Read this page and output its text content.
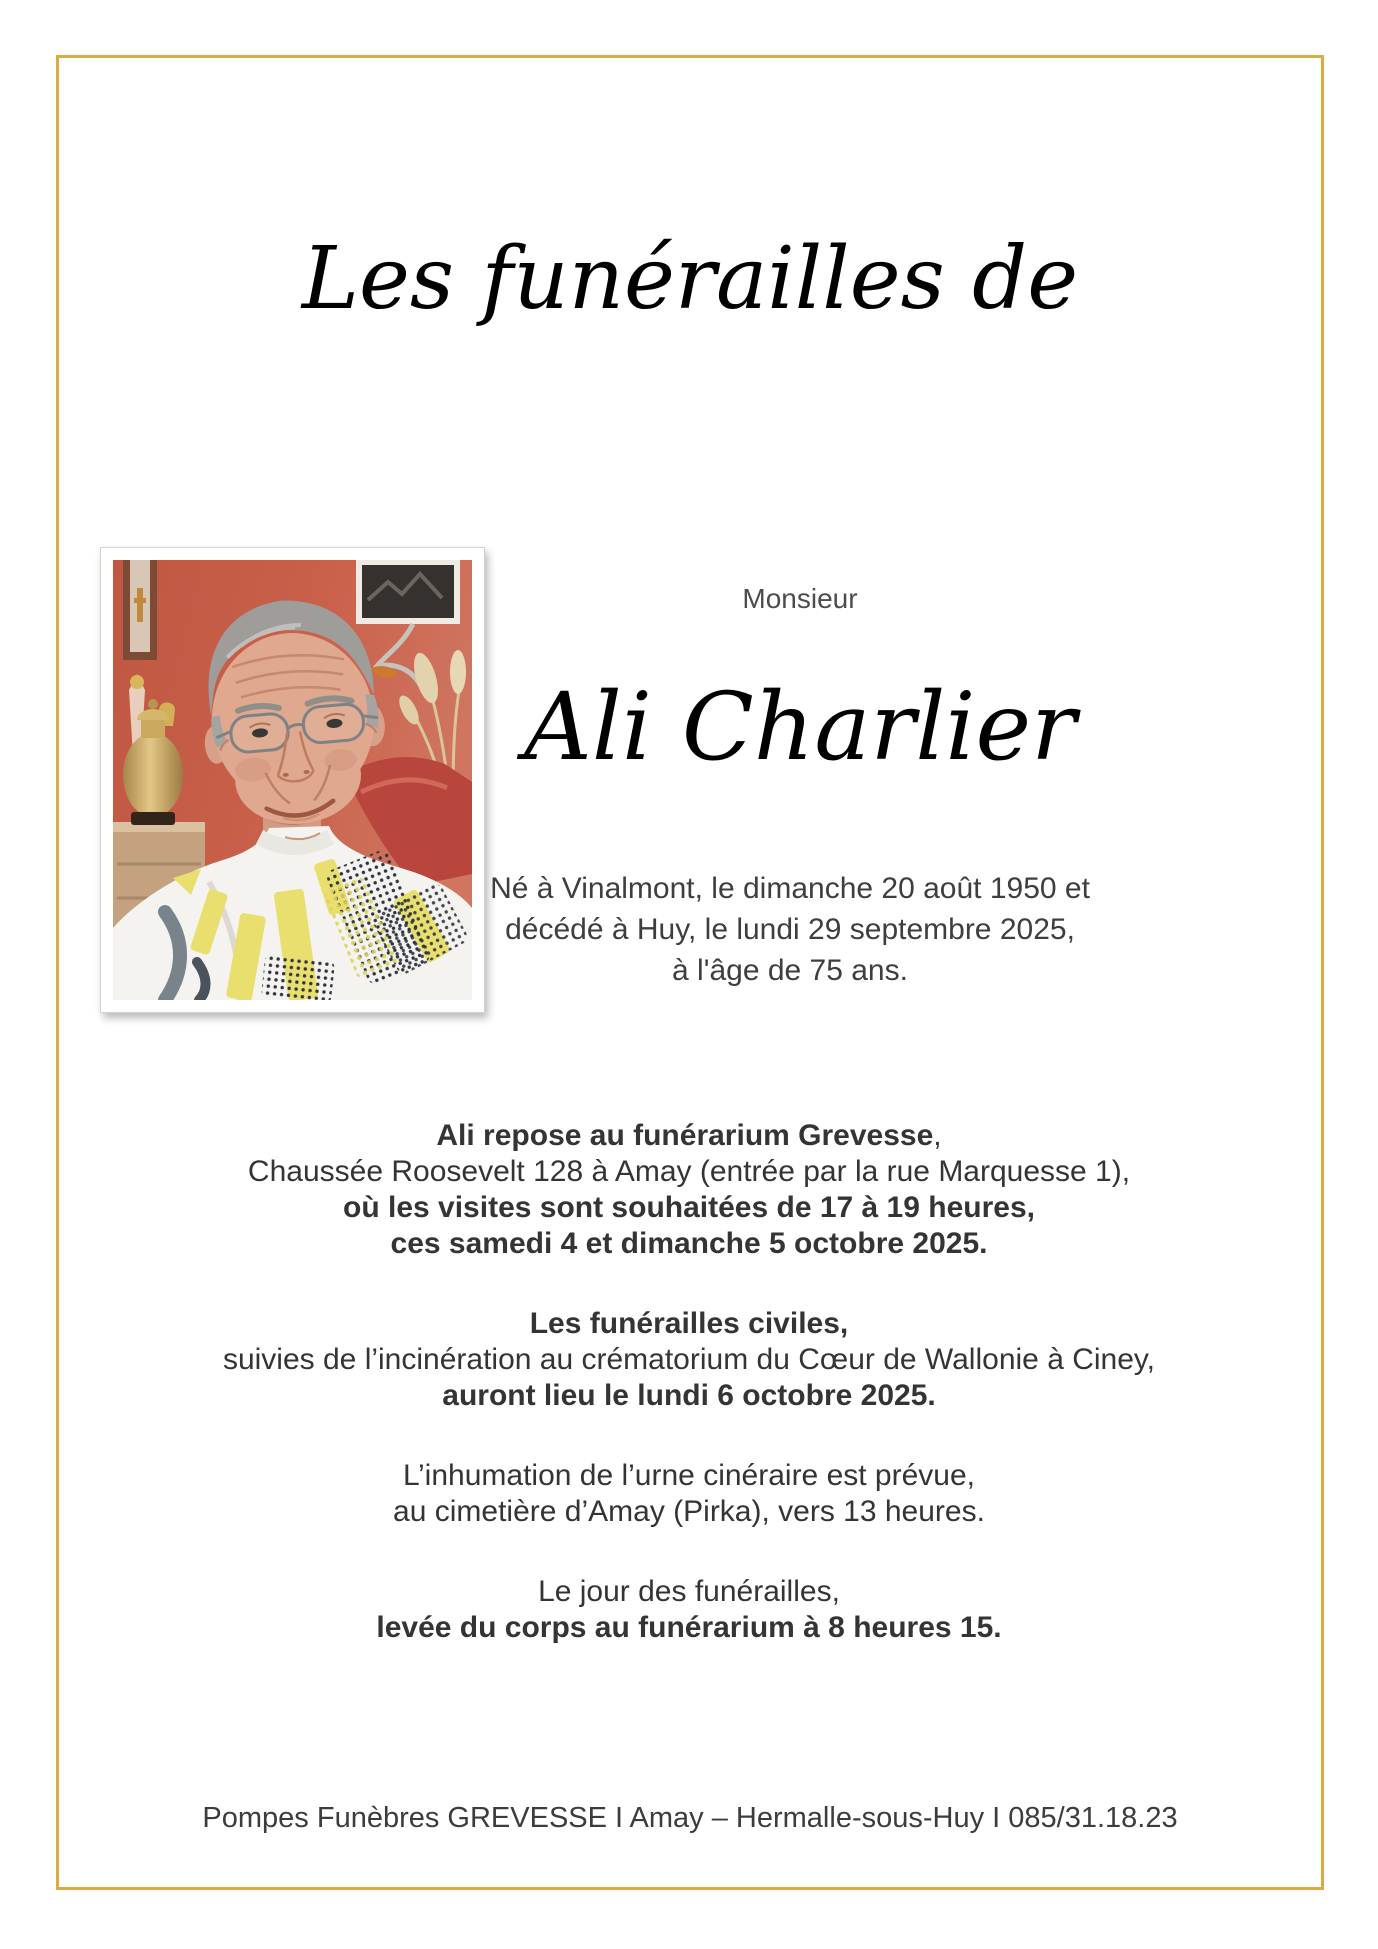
Les funérailles de
Monsieur
Ali Charlier
Né à Vinalmont, le dimanche 20 août 1950 et
décédé à Huy, le lundi 29 septembre 2025,
à l'âge de 75 ans.

Ali repose au funérarium Grevesse,
Chaussée Roosevelt 128 à Amay (entrée par la rue Marquesse 1),
où les visites sont souhaitées de 17 à 19 heures,
ces samedi 4 et dimanche 5 octobre 2025.

Les funérailles civiles,
suivies de l’incinération au crématorium du Cœur de Wallonie à Ciney,
auront lieu le lundi 6 octobre 2025.

L’inhumation de l’urne cinéraire est prévue,
au cimetière d’Amay (Pirka), vers 13 heures.

Le jour des funérailles,
levée du corps au funérarium à 8 heures 15.

Pompes Funèbres GREVESSE I Amay – Hermalle-sous-Huy I 085/31.18.23
